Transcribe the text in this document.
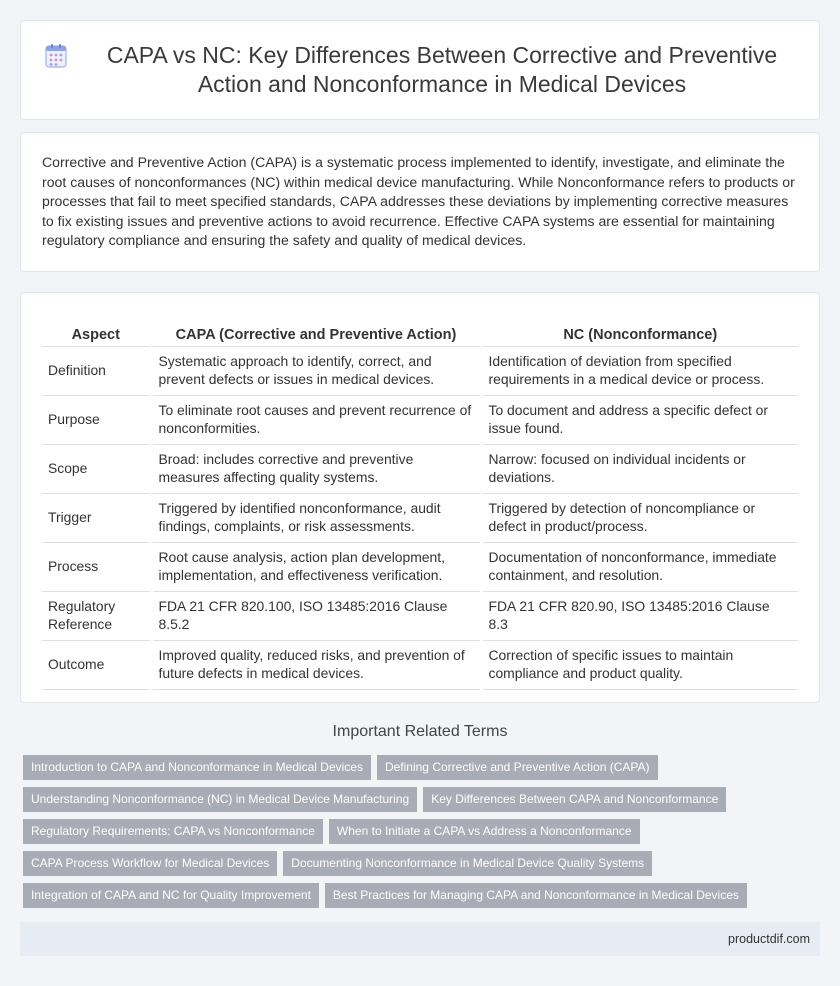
CAPA vs NC: Key Differences Between Corrective and Preventive Action and Nonconformance in Medical Devices

Corrective and Preventive Action (CAPA) is a systematic process implemented to identify, investigate, and eliminate the root causes of nonconformances (NC) within medical device manufacturing. While Nonconformance refers to products or processes that fail to meet specified standards, CAPA addresses these deviations by implementing corrective measures to fix existing issues and preventive actions to avoid recurrence. Effective CAPA systems are essential for maintaining regulatory compliance and ensuring the safety and quality of medical devices.

Aspect	CAPA (Corrective and Preventive Action)	NC (Nonconformance)
Definition	Systematic approach to identify, correct, and prevent defects or issues in medical devices.	Identification of deviation from specified requirements in a medical device or process.
Purpose	To eliminate root causes and prevent recurrence of nonconformities.	To document and address a specific defect or issue found.
Scope	Broad: includes corrective and preventive measures affecting quality systems.	Narrow: focused on individual incidents or deviations.
Trigger	Triggered by identified nonconformance, audit findings, complaints, or risk assessments.	Triggered by detection of noncompliance or defect in product/process.
Process	Root cause analysis, action plan development, implementation, and effectiveness verification.	Documentation of nonconformance, immediate containment, and resolution.
Regulatory Reference	FDA 21 CFR 820.100, ISO 13485:2016 Clause 8.5.2	FDA 21 CFR 820.90, ISO 13485:2016 Clause 8.3
Outcome	Improved quality, reduced risks, and prevention of future defects in medical devices.	Correction of specific issues to maintain compliance and product quality.
Important Related Terms
Introduction to CAPA and Nonconformance in Medical Devices	Defining Corrective and Preventive Action (CAPA)
Understanding Nonconformance (NC) in Medical Device Manufacturing	Key Differences Between CAPA and Nonconformance
Regulatory Requirements: CAPA vs Nonconformance	When to Initiate a CAPA vs Address a Nonconformance
CAPA Process Workflow for Medical Devices	Documenting Nonconformance in Medical Device Quality Systems
Integration of CAPA and NC for Quality Improvement	Best Practices for Managing CAPA and Nonconformance in Medical Devices
productdif.com
